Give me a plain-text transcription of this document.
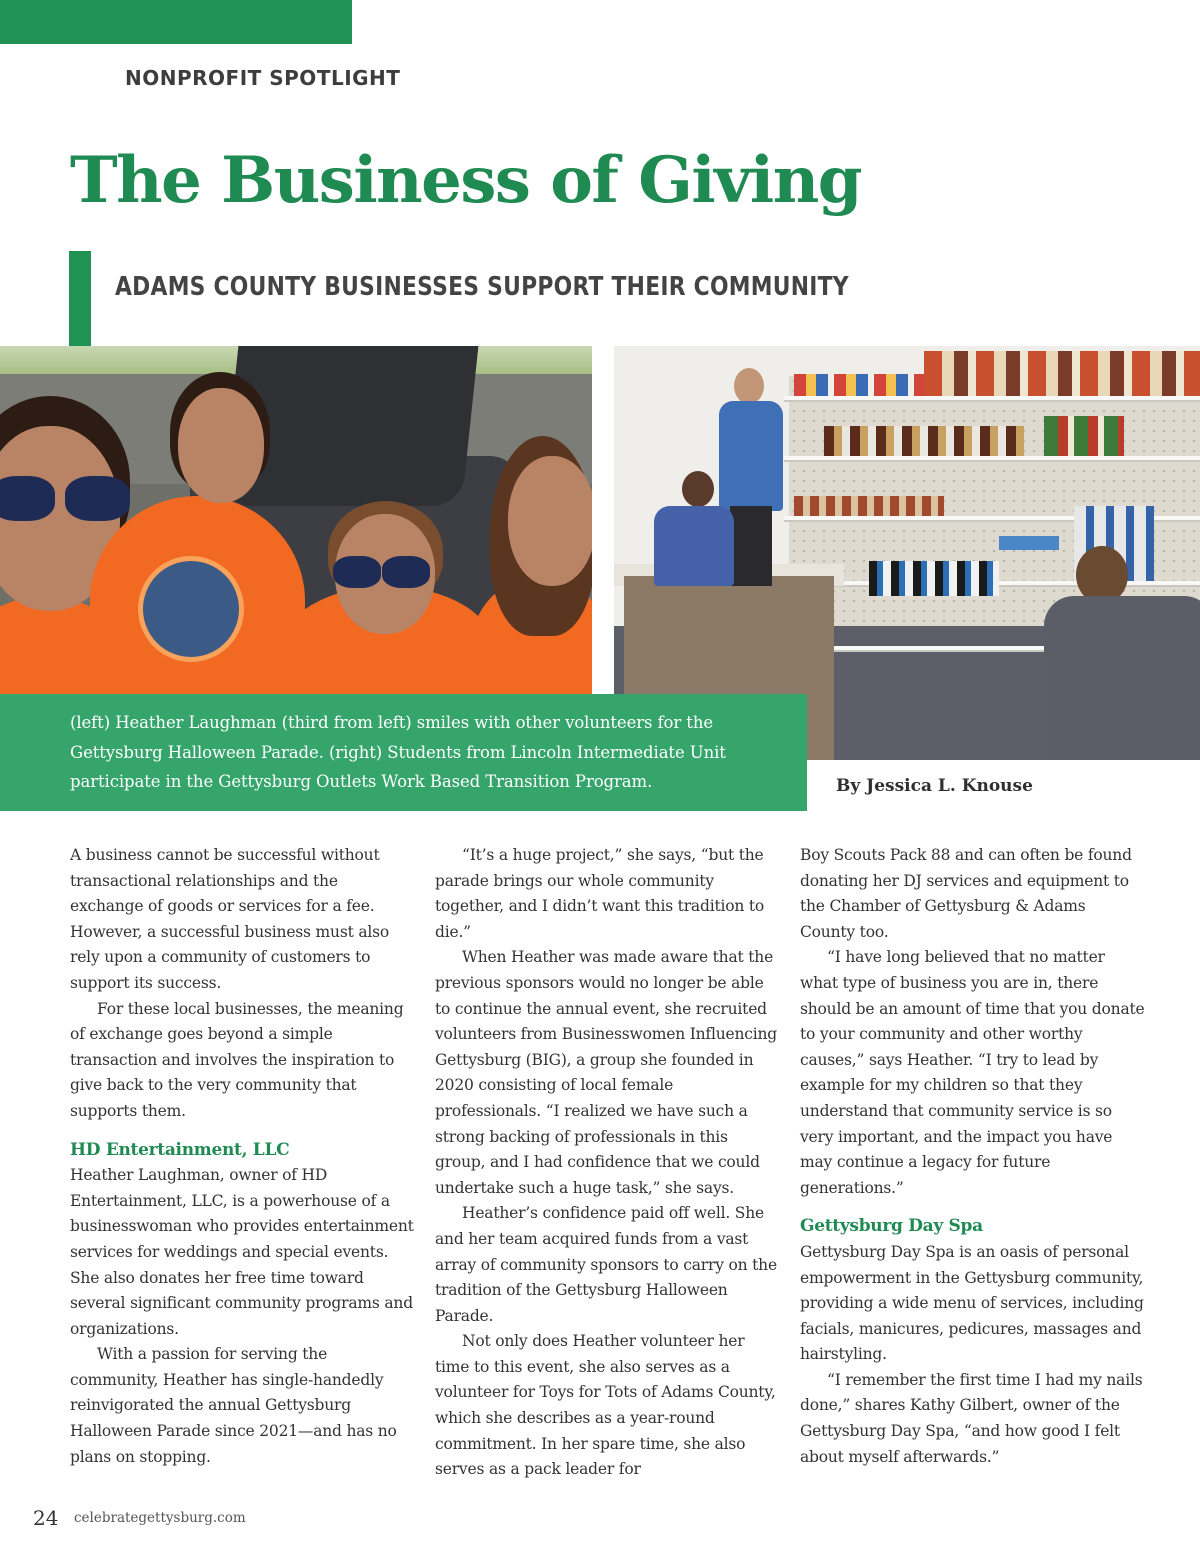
NONPROFIT SPOTLIGHT
The Business of Giving
ADAMS COUNTY BUSINESSES SUPPORT THEIR COMMUNITY

(left) Heather Laughman (third from left) smiles with other volunteers for the Gettysburg Halloween Parade. (right) Students from Lincoln Intermediate Unit participate in the Gettysburg Outlets Work Based Transition Program.	By Jessica L. Knouse

A business cannot be successful without transactional relationships and the exchange of goods or services for a fee. However, a successful business must also rely upon a community of customers to support its success.

For these local businesses, the meaning of exchange goes beyond a simple transaction and involves the inspiration to give back to the very community that supports them.

HD Entertainment, LLC

Heather Laughman, owner of HD Entertainment, LLC, is a powerhouse of a businesswoman who provides entertainment services for weddings and special events. She also donates her free time toward several significant community programs and organizations.

With a passion for serving the community, Heather has single-handedly reinvigorated the annual Gettysburg Halloween Parade since 2021—and has no plans on stopping.

“It’s a huge project,” she says, “but the parade brings our whole community together, and I didn’t want this tradition to die.”

When Heather was made aware that the previous sponsors would no longer be able to continue the annual event, she recruited volunteers from Businesswomen Influencing Gettysburg (BIG), a group she founded in 2020 consisting of local female professionals. “I realized we have such a strong backing of professionals in this group, and I had confidence that we could undertake such a huge task,” she says.

Heather’s confidence paid off well. She and her team acquired funds from a vast array of community sponsors to carry on the tradition of the Gettysburg Halloween Parade.

Not only does Heather volunteer her time to this event, she also serves as a volunteer for Toys for Tots of Adams County, which she describes as a year-round commitment. In her spare time, she also serves as a pack leader for

Boy Scouts Pack 88 and can often be found donating her DJ services and equipment to the Chamber of Gettysburg & Adams County too.

“I have long believed that no matter what type of business you are in, there should be an amount of time that you donate to your community and other worthy causes,” says Heather. “I try to lead by example for my children so that they understand that community service is so very important, and the impact you have may continue a legacy for future generations.”

Gettysburg Day Spa

Gettysburg Day Spa is an oasis of personal empowerment in the Gettysburg community, providing a wide menu of services, including facials, manicures, pedicures, massages and hairstyling.

“I remember the first time I had my nails done,” shares Kathy Gilbert, owner of the Gettysburg Day Spa, “and how good I felt about myself afterwards.”

24 celebrategettysburg.com
